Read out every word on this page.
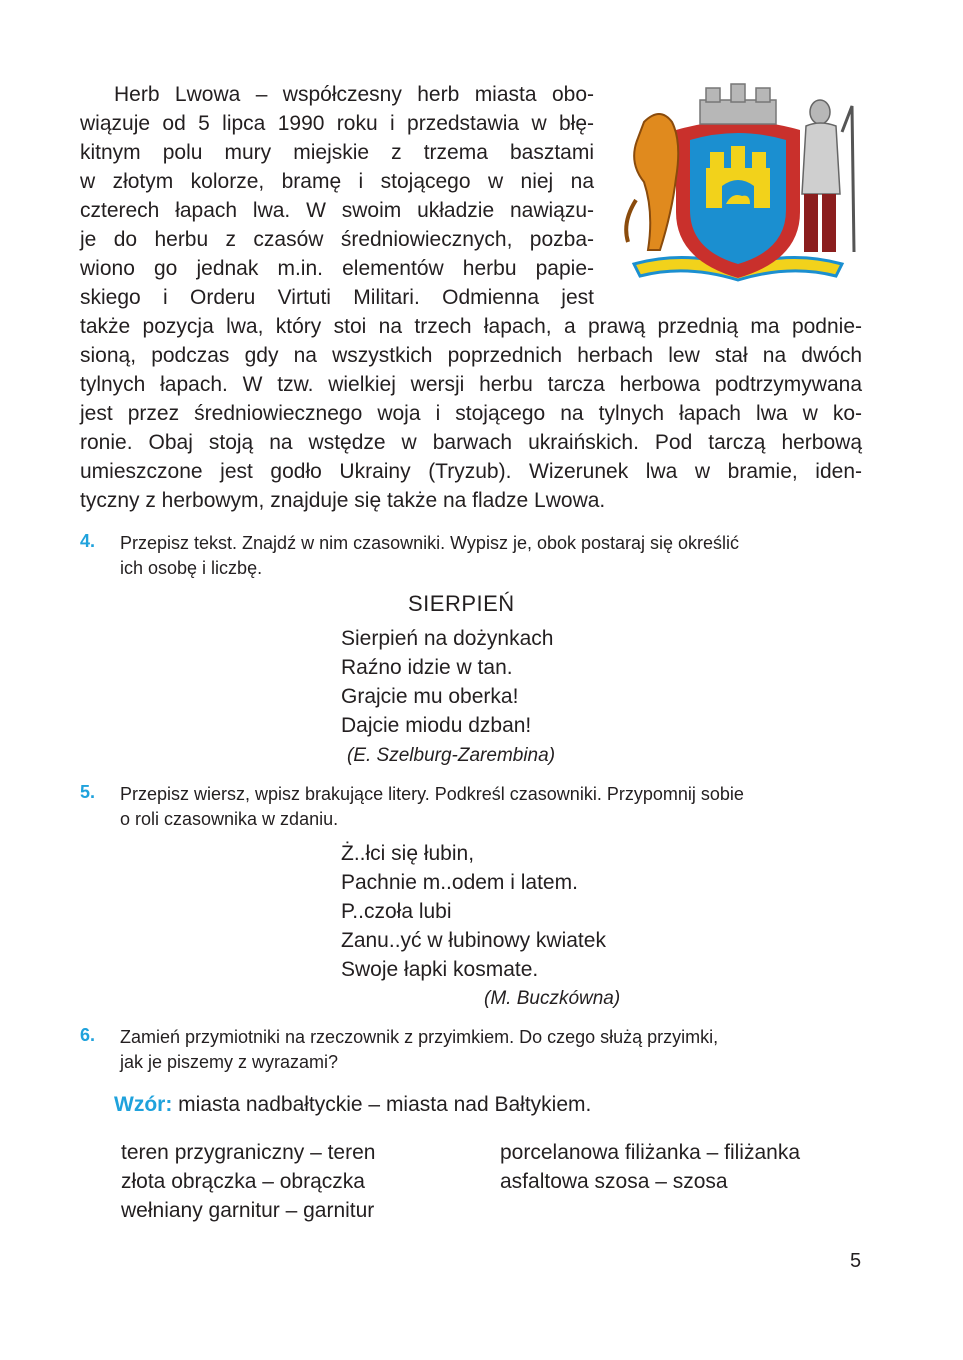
Herb Lwowa – współczesny herb miasta obo-
wiązuje od 5 lipca 1990 roku i przedstawia w błę-
kitnym polu mury miejskie z trzema basztami
w złotym kolorze, bramę i stojącego w niej na
czterech łapach lwa. W swoim układzie nawiązu-
je do herbu z czasów średniowiecznych, pozba-
wiono go jednak m.in. elementów herbu papie-
skiego i Orderu Virtuti Militari. Odmienna jest
także pozycja lwa, który stoi na trzech łapach, a prawą przednią ma podnie-
sioną, podczas gdy na wszystkich poprzednich herbach lew stał na dwóch
tylnych łapach. W tzw. wielkiej wersji herbu tarcza herbowa podtrzymywana
jest przez średniowiecznego woja i stojącego na tylnych łapach lwa w ko-
ronie. Obaj stoją na wstędze w barwach ukraińskich. Pod tarczą herbową
umieszczone jest godło Ukrainy (Tryzub). Wizerunek lwa w bramie, iden-
tyczny z herbowym, znajduje się także na fladze Lwowa.
4. Przepisz tekst. Znajdź w nim czasowniki. Wypisz je, obok postaraj się określić
ich osobę i liczbę.
SIERPIEŃ
Sierpień na dożynkach
Raźno idzie w tan.
Grajcie mu oberka!
Dajcie miodu dzban!
(E. Szelburg-Zarembina)
5. Przepisz wiersz, wpisz brakujące litery. Podkreśl czasowniki. Przypomnij sobie
o roli czasownika w zdaniu.
Ż..łci się łubin,
Pachnie m..odem i latem.
P..czoła lubi
Zanu..yć w łubinowy kwiatek
Swoje łapki kosmate.
(M. Buczkówna)
6. Zamień przymiotniki na rzeczownik z przyimkiem. Do czego służą przyimki,
jak je piszemy z wyrazami?
Wzór: miasta nadbałtyckie – miasta nad Bałtykiem.
teren przygraniczny – teren
złota obrączka – obrączka
wełniany garnitur – garnitur
porcelanowa filiżanka – filiżanka
asfaltowa szosa – szosa
5
